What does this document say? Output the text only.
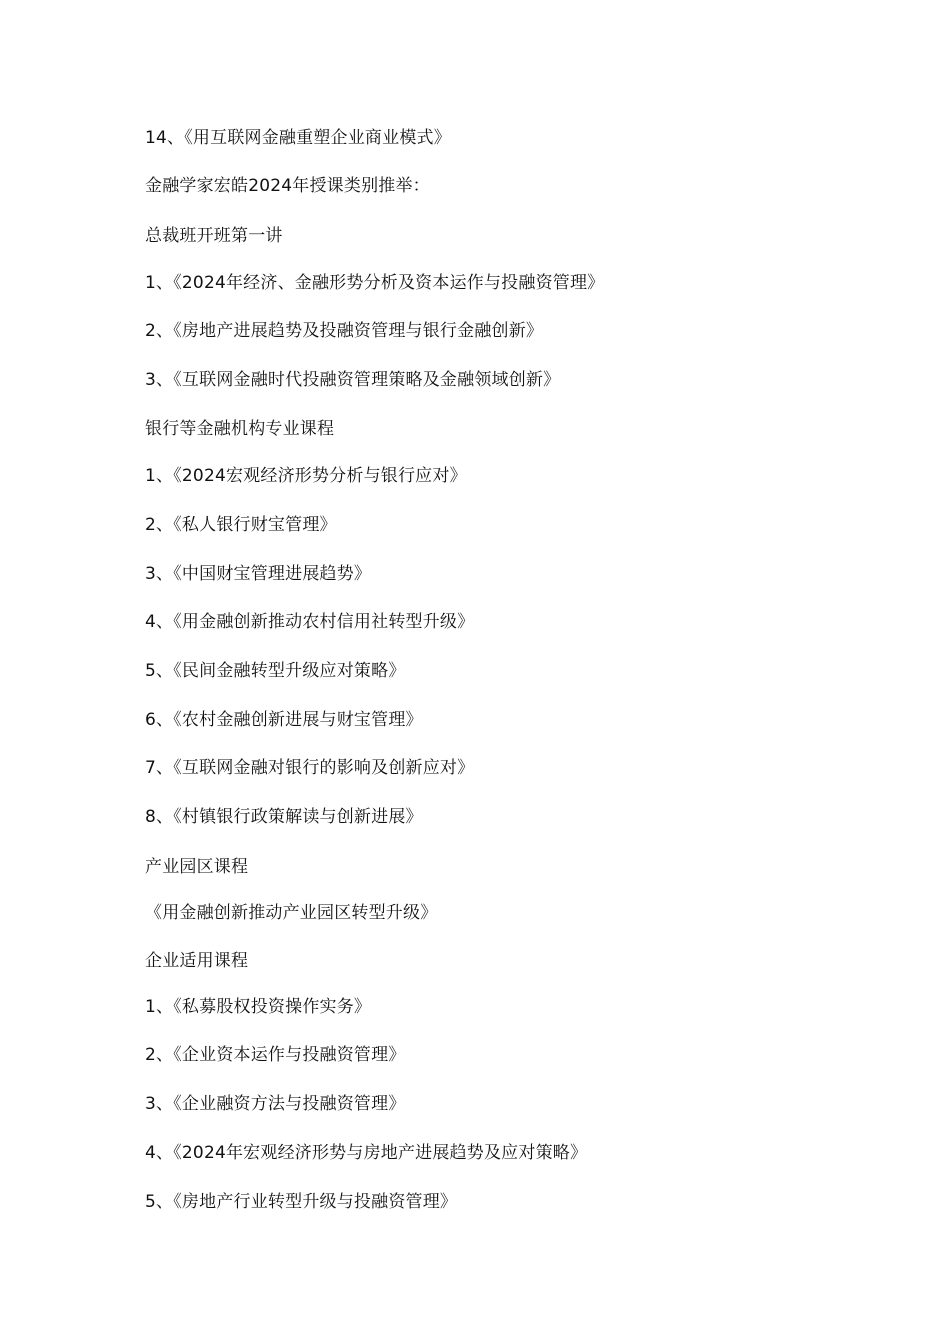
14、《用互联网金融重塑企业商业模式》
金融学家宏皓2024年授课类别推举：
总裁班开班第一讲
1、《2024年经济、金融形势分析及资本运作与投融资管理》
2、《房地产进展趋势及投融资管理与银行金融创新》
3、《互联网金融时代投融资管理策略及金融领域创新》
银行等金融机构专业课程
1、《2024宏观经济形势分析与银行应对》
2、《私人银行财宝管理》
3、《中国财宝管理进展趋势》
4、《用金融创新推动农村信用社转型升级》
5、《民间金融转型升级应对策略》
6、《农村金融创新进展与财宝管理》
7、《互联网金融对银行的影响及创新应对》
8、《村镇银行政策解读与创新进展》
产业园区课程
《用金融创新推动产业园区转型升级》
企业适用课程
1、《私募股权投资操作实务》
2、《企业资本运作与投融资管理》
3、《企业融资方法与投融资管理》
4、《2024年宏观经济形势与房地产进展趋势及应对策略》
5、《房地产行业转型升级与投融资管理》
